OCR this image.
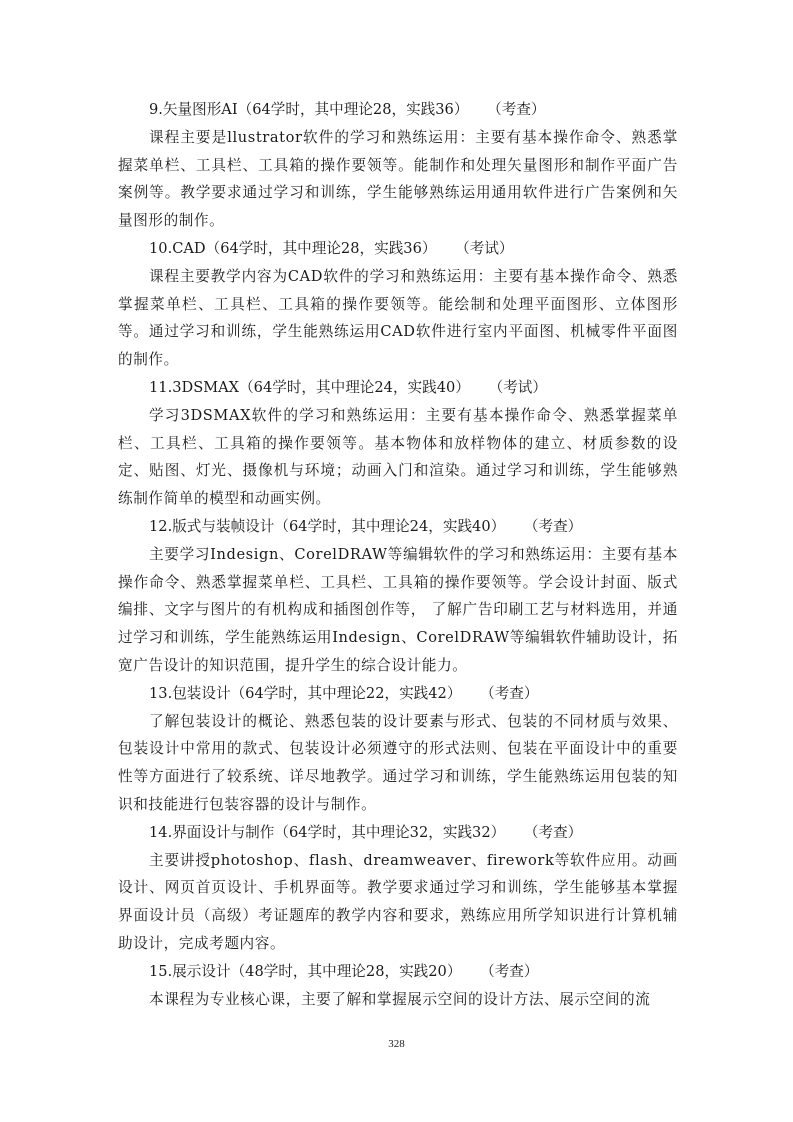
9.矢量图形AI（64学时，其中理论28，实践36） （考查）

课程主要是llustrator软件的学习和熟练运用：主要有基本操作命令、熟悉掌握菜单栏、工具栏、工具箱的操作要领等。能制作和处理矢量图形和制作平面广告案例等。教学要求通过学习和训练，学生能够熟练运用通用软件进行广告案例和矢量图形的制作。

10.CAD（64学时，其中理论28，实践36） （考试）

课程主要教学内容为CAD软件的学习和熟练运用：主要有基本操作命令、熟悉掌握菜单栏、工具栏、工具箱的操作要领等。能绘制和处理平面图形、立体图形等。通过学习和训练，学生能熟练运用CAD软件进行室内平面图、机械零件平面图的制作。

11.3DSMAX（64学时，其中理论24，实践40） （考试）

学习3DSMAX软件的学习和熟练运用：主要有基本操作命令、熟悉掌握菜单栏、工具栏、工具箱的操作要领等。基本物体和放样物体的建立、材质参数的设定、贴图、灯光、摄像机与环境；动画入门和渲染。通过学习和训练，学生能够熟练制作简单的模型和动画实例。

12.版式与装帧设计（64学时，其中理论24，实践40） （考查）

主要学习Indesign、CorelDRAW等编辑软件的学习和熟练运用：主要有基本操作命令、熟悉掌握菜单栏、工具栏、工具箱的操作要领等。学会设计封面、版式编排、文字与图片的有机构成和插图创作等， 了解广告印刷工艺与材料选用，并通过学习和训练，学生能熟练运用Indesign、CorelDRAW等编辑软件辅助设计，拓宽广告设计的知识范围，提升学生的综合设计能力。

13.包装设计（64学时，其中理论22，实践42） （考查）

了解包装设计的概论、熟悉包装的设计要素与形式、包装的不同材质与效果、包装设计中常用的款式、包装设计必须遵守的形式法则、包装在平面设计中的重要性等方面进行了较系统、详尽地教学。通过学习和训练，学生能熟练运用包装的知识和技能进行包装容器的设计与制作。

14.界面设计与制作（64学时，其中理论32，实践32） （考查）

主要讲授photoshop、flash、dreamweaver、firework等软件应用。动画设计、网页首页设计、手机界面等。教学要求通过学习和训练，学生能够基本掌握界面设计员（高级）考证题库的教学内容和要求，熟练应用所学知识进行计算机辅助设计，完成考题内容。

15.展示设计（48学时，其中理论28，实践20） （考查）

本课程为专业核心课，主要了解和掌握展示空间的设计方法、展示空间的流

328
